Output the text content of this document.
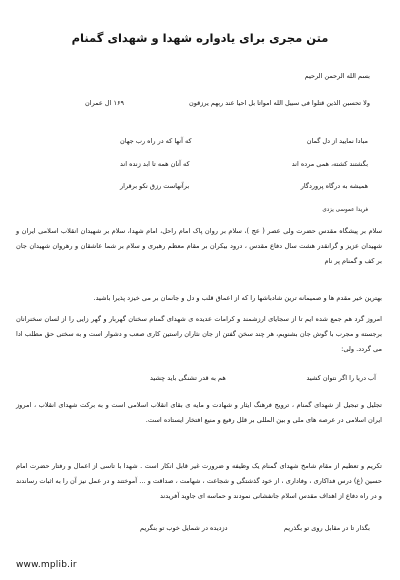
متن مجری برای یادواره شهدا و شهدای گمنام
بسم الله الرحمن الرحیم
ولا تحسبن الذین قتلوا فی سبیل الله امواتا بل احیا عند ربهم یرزقون
١۶٩ ال عمران
مبادا نمایید از دل گمان
که آنها که در راه رب جهان
بگشتند کشته، همی مرده اند
که آنان همه تا ابد زنده اند
همیشه به درگاه پروردگار
برآنهاست رزق نکو برقرار
فریدا عموسی یزدی
سلام بر پیشگاه مقدس حضرت ولی عصر ( عج )، سلام بر روان پاک امام راحل، امام شهدا، سلام بر شهیدان انقلاب اسلامی ایران و شهیدان عزیز و گرانقدر هشت سال دفاع مقدس ، درود بیکران بر مقام معظم رهبری و سلام بر شما عاشقان و رهروان شهیدان جان بر کف و گمنام پر نام
بهترین خیر مقدم ها و صمیمانه ترین شادباشها را که از اعماق قلب و دل و جانمان بر می خیزد پذیرا باشید.
امروز گرد هم جمع شده ایم تا از سجایای ارزشمند و کرامات عدیده ی شهدای گمنام سخنان گهربار و گهر زایی را از لسان سخنرانان برجسته و مجرب با گوش جان بشنویم، هر چند سخن گفتن از جان نثاران راستین کاری صعب و دشوار است و به سختی حق مطلب ادا می گردد. ولی:
آب دریا را اگر نتوان کشید
هم به قدر تشنگی باید چشید
تجلیل و تبجیل از شهدای گمنام ، ترویج فرهنگ ایثار و شهادت و مایه ی بقای انقلاب اسلامی است و به برکت شهدای انقلاب ، امروز ایران اسلامی در عرصه های ملی و بین المللی بر قلل رفیع و منیع افتخار ایستاده است.
تکریم و تعظیم از مقام شامخ شهدای گمنام یک وظیفه و ضرورت غیر قابل انکار است . شهدا با تاسی از اعمال و رفتار حضرت امام حسین (ع) درس فداکاری ، وفاداری ، از خود گذشتگی و شجاعت ، شهامت ، صداقت و ... آموختند و در عمل نیز آن را به اثبات رساندند و در راه دفاع از اهداف مقدس اسلام جانفشانی نمودند و حماسه ای جاوید آفریدند
بگذار تا در مقابل روی تو بگذریم
دزدیده در شمایل خوب تو بنگریم
www.mplib.ir
